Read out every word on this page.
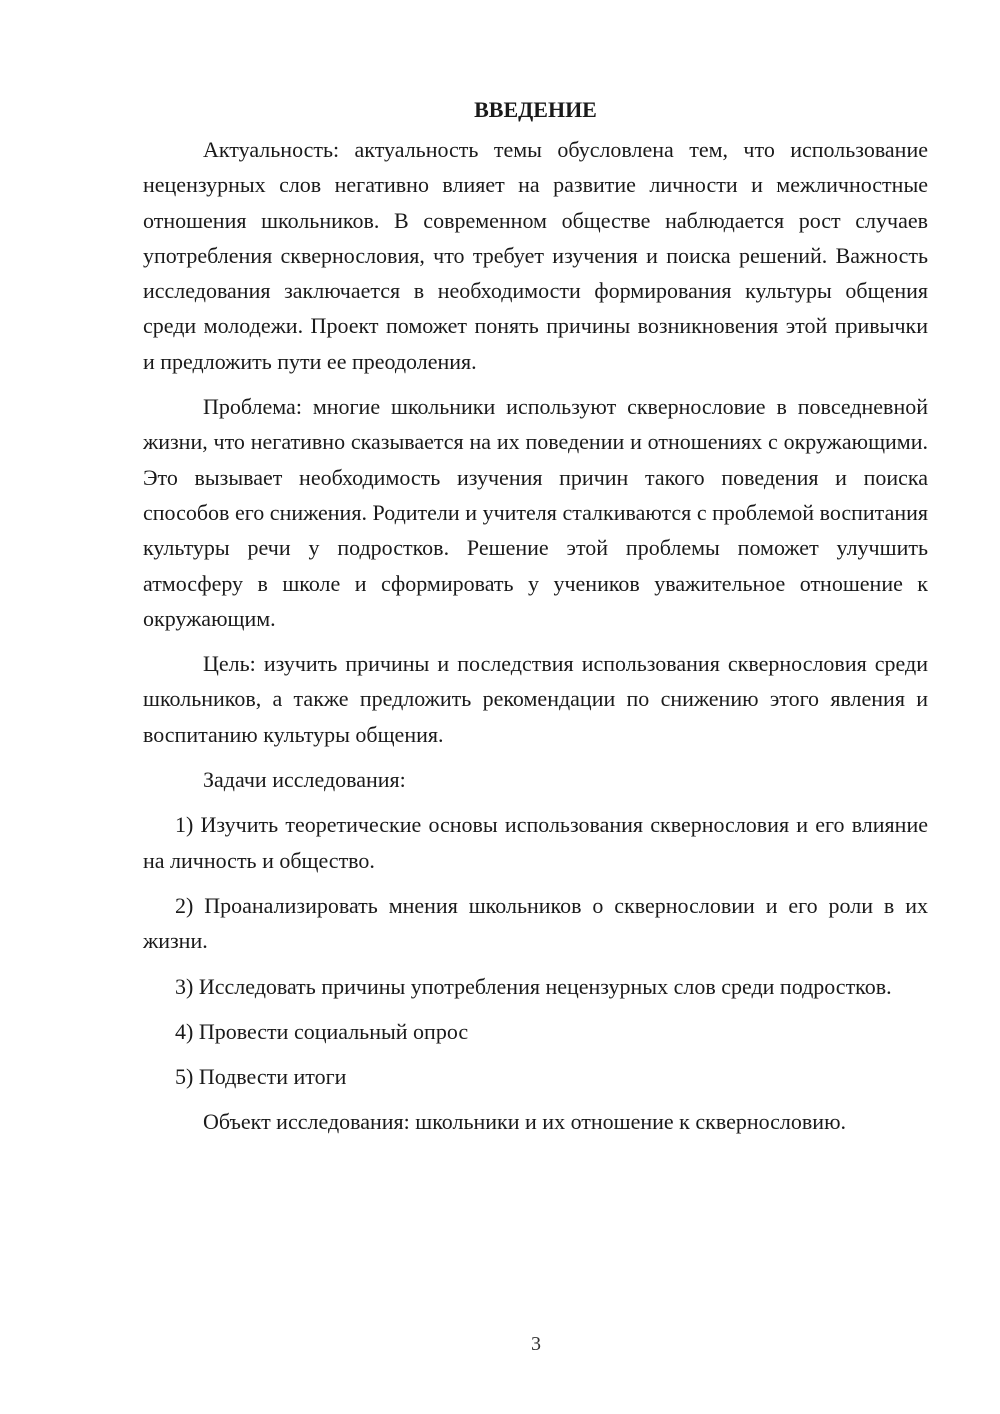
ВВЕДЕНИЕ

Актуальность: актуальность темы обусловлена тем, что использование нецензурных слов негативно влияет на развитие личности и межличностные отношения школьников. В современном обществе наблюдается рост случаев употребления сквернословия, что требует изучения и поиска решений. Важность исследования заключается в необходимости формирования культуры общения среди молодежи. Проект поможет понять причины возникновения этой привычки и предложить пути ее преодоления.

Проблема: многие школьники используют сквернословие в повседневной жизни, что негативно сказывается на их поведении и отношениях с окружающими. Это вызывает необходимость изучения причин такого поведения и поиска способов его снижения. Родители и учителя сталкиваются с проблемой воспитания культуры речи у подростков. Решение этой проблемы поможет улучшить атмосферу в школе и сформировать у учеников уважительное отношение к окружающим.

Цель: изучить причины и последствия использования сквернословия среди школьников, а также предложить рекомендации по снижению этого явления и воспитанию культуры общения.

Задачи исследования:

1) Изучить теоретические основы использования сквернословия и его влияние на личность и общество.

2) Проанализировать мнения школьников о сквернословии и его роли в их жизни.

3) Исследовать причины употребления нецензурных слов среди подростков.

4) Провести социальный опрос

5) Подвести итоги

Объект исследования: школьники и их отношение к сквернословию.

3
